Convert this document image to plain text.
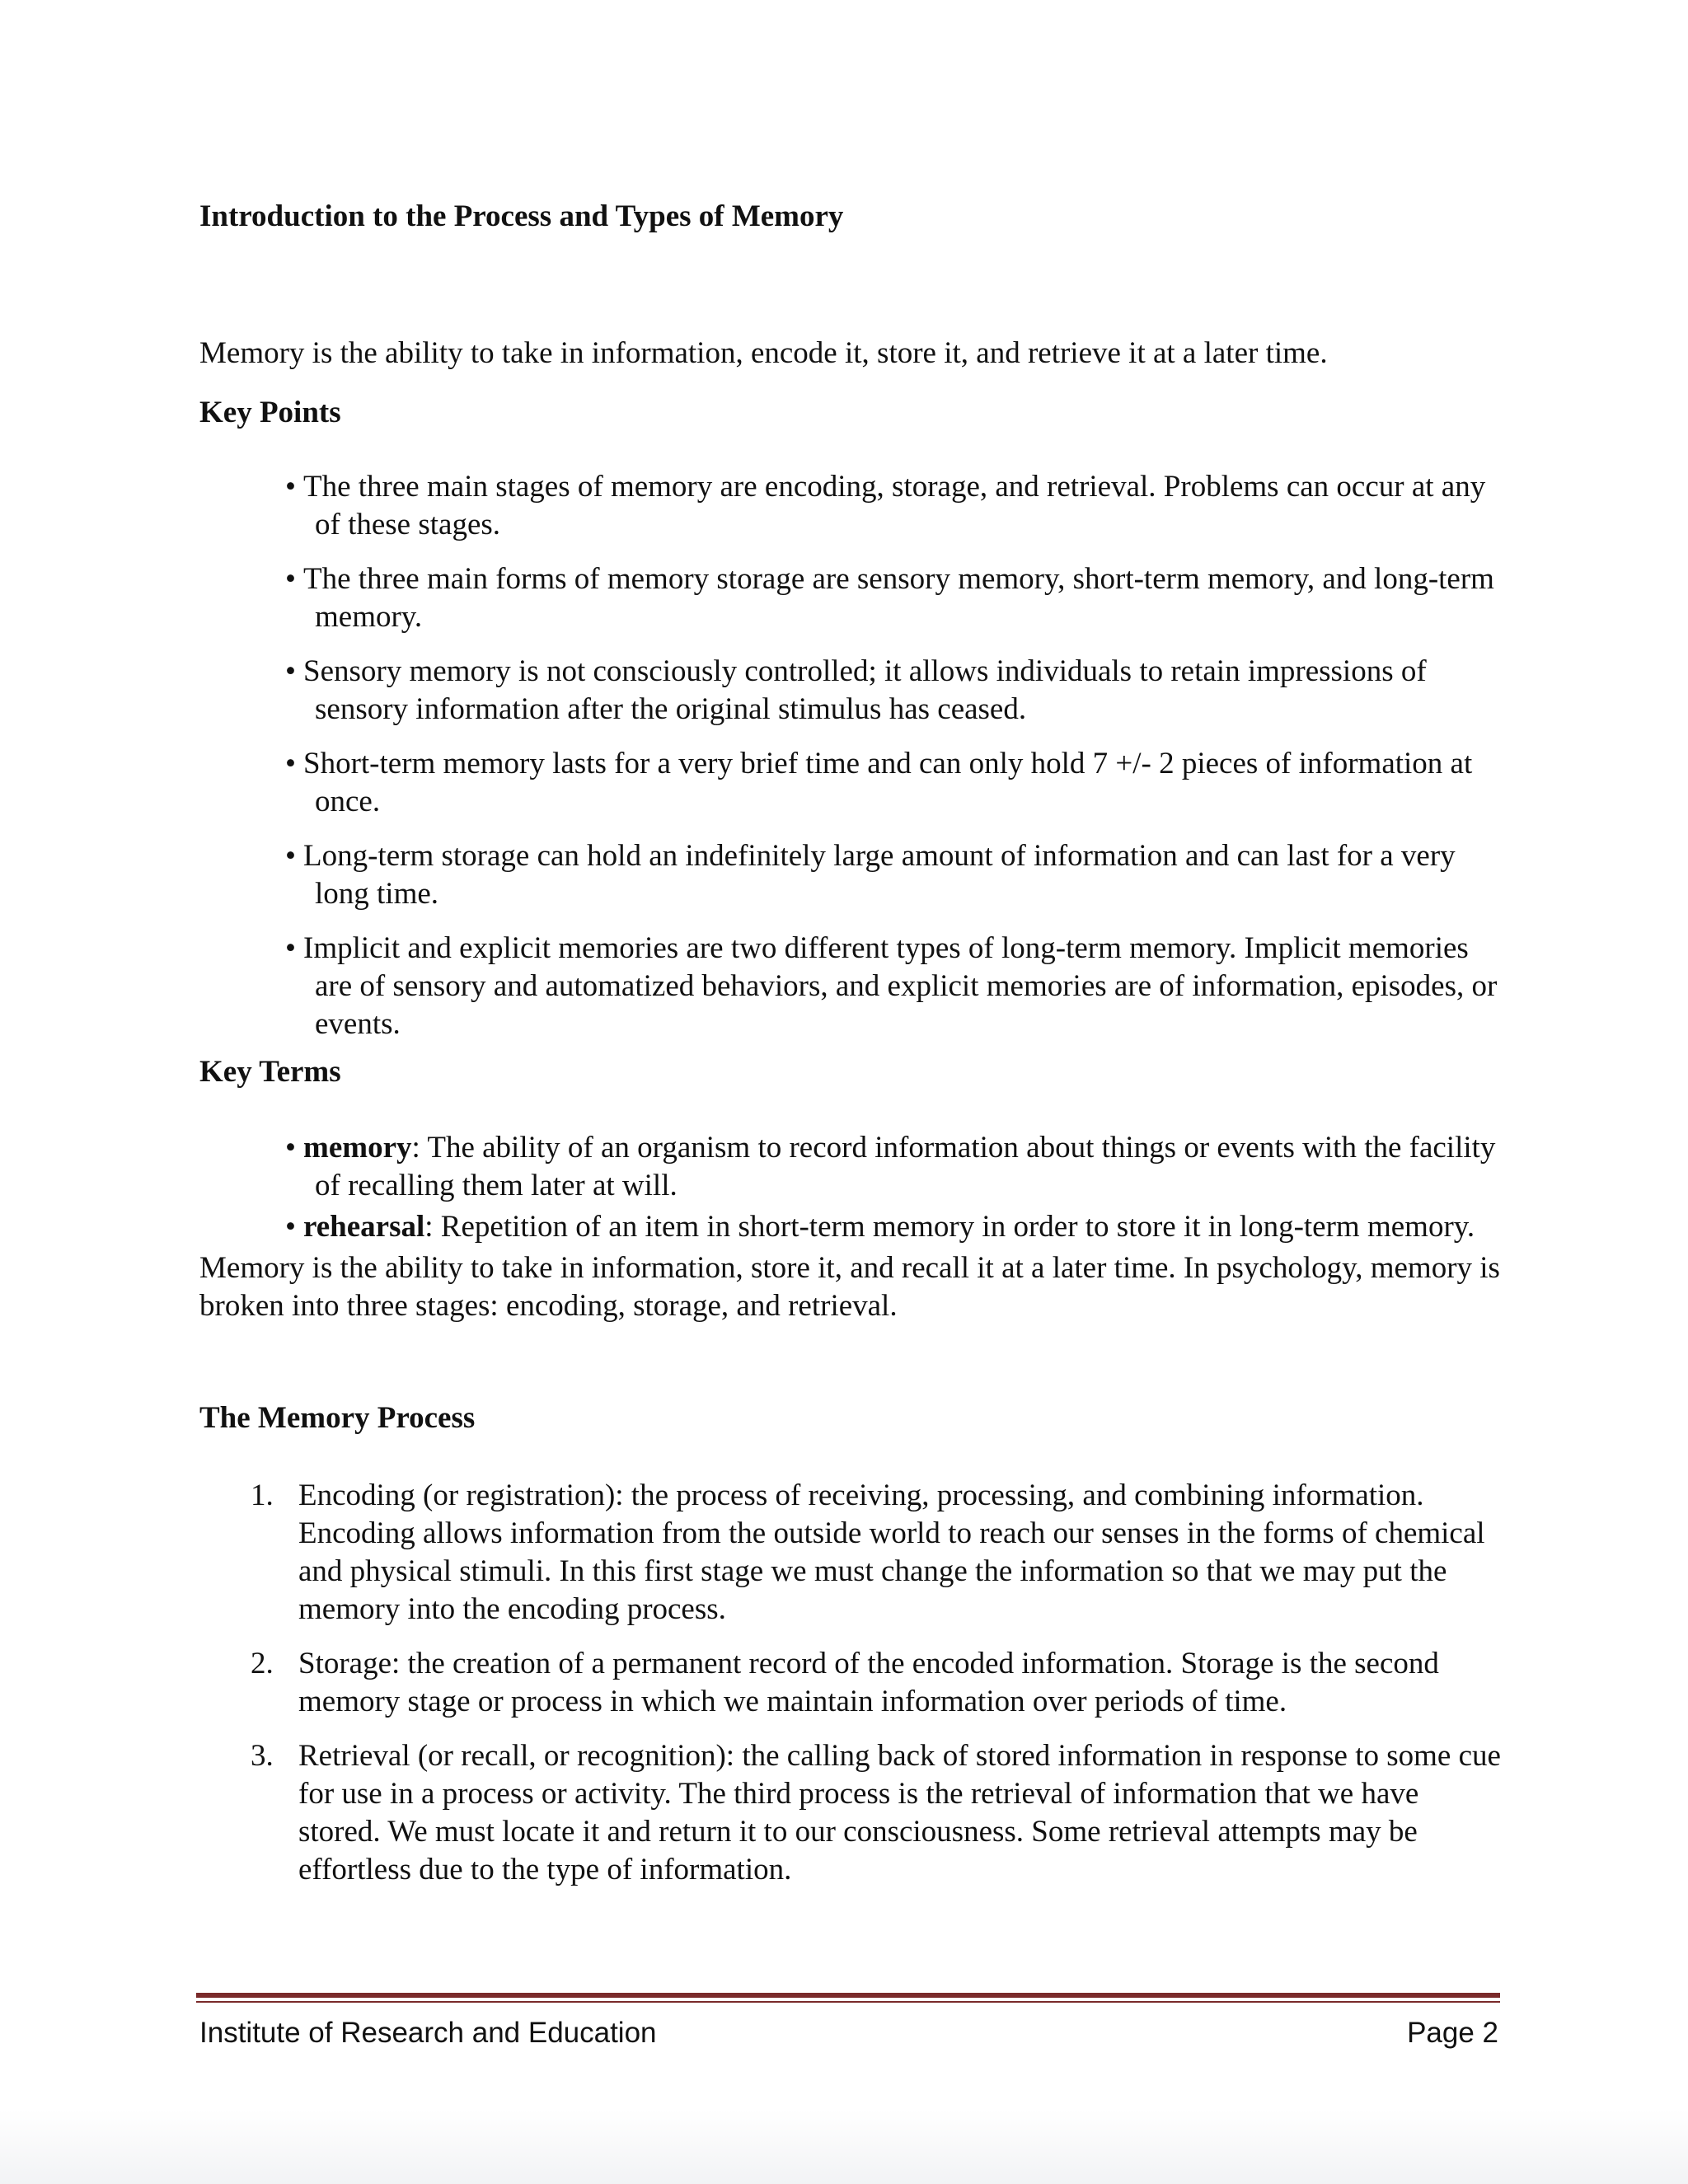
Introduction to the Process and Types of Memory

Memory is the ability to take in information, encode it, store it, and retrieve it at a later time.

Key Points

• The three main stages of memory are encoding, storage, and retrieval. Problems can occur at any of these stages.
• The three main forms of memory storage are sensory memory, short-term memory, and long-term memory.
• Sensory memory is not consciously controlled; it allows individuals to retain impressions of sensory information after the original stimulus has ceased.
• Short-term memory lasts for a very brief time and can only hold 7 +/- 2 pieces of information at once.
• Long-term storage can hold an indefinitely large amount of information and can last for a very long time.
• Implicit and explicit memories are two different types of long-term memory. Implicit memories are of sensory and automatized behaviors, and explicit memories are of information, episodes, or events.

Key Terms

• memory: The ability of an organism to record information about things or events with the facility of recalling them later at will.
• rehearsal: Repetition of an item in short-term memory in order to store it in long-term memory.

Memory is the ability to take in information, store it, and recall it at a later time. In psychology, memory is broken into three stages: encoding, storage, and retrieval.

The Memory Process

1. Encoding (or registration): the process of receiving, processing, and combining information. Encoding allows information from the outside world to reach our senses in the forms of chemical and physical stimuli. In this first stage we must change the information so that we may put the memory into the encoding process.
2. Storage: the creation of a permanent record of the encoded information. Storage is the second memory stage or process in which we maintain information over periods of time.
3. Retrieval (or recall, or recognition): the calling back of stored information in response to some cue for use in a process or activity. The third process is the retrieval of information that we have stored. We must locate it and return it to our consciousness. Some retrieval attempts may be effortless due to the type of information.
Institute of Research and Education	Page 2
